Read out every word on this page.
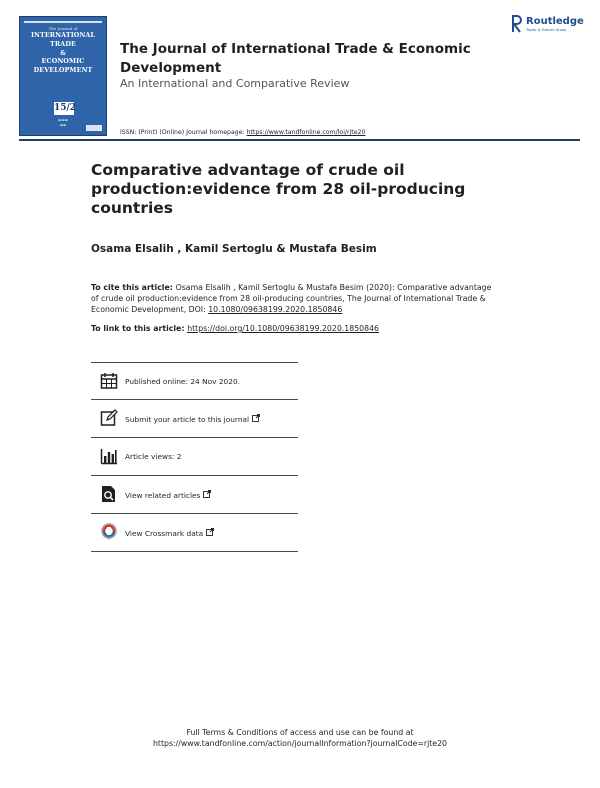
The Journal of
INTERNATIONAL
TRADE
&
ECONOMIC
DEVELOPMENT
15/2
▬▬▬
▬▬
The Journal of International Trade & Economic Development
An International and Comparative Review
ISSN: (Print) (Online) Journal homepage: https://www.tandfonline.com/loi/rjte20
Routledge
Taylor & Francis Group
Comparative advantage of crude oil production:evidence from 28 oil-producing countries
Osama Elsalih , Kamil Sertoglu & Mustafa Besim
To cite this article: Osama Elsalih , Kamil Sertoglu & Mustafa Besim (2020): Comparative advantage of crude oil production:evidence from 28 oil-producing countries, The Journal of International Trade & Economic Development, DOI: 10.1080/09638199.2020.1850846
To link to this article: https://doi.org/10.1080/09638199.2020.1850846
Published online: 24 Nov 2020.
Submit your article to this journal
Article views: 2
View related articles
View Crossmark data
Full Terms & Conditions of access and use can be found at
https://www.tandfonline.com/action/journalInformation?journalCode=rjte20
